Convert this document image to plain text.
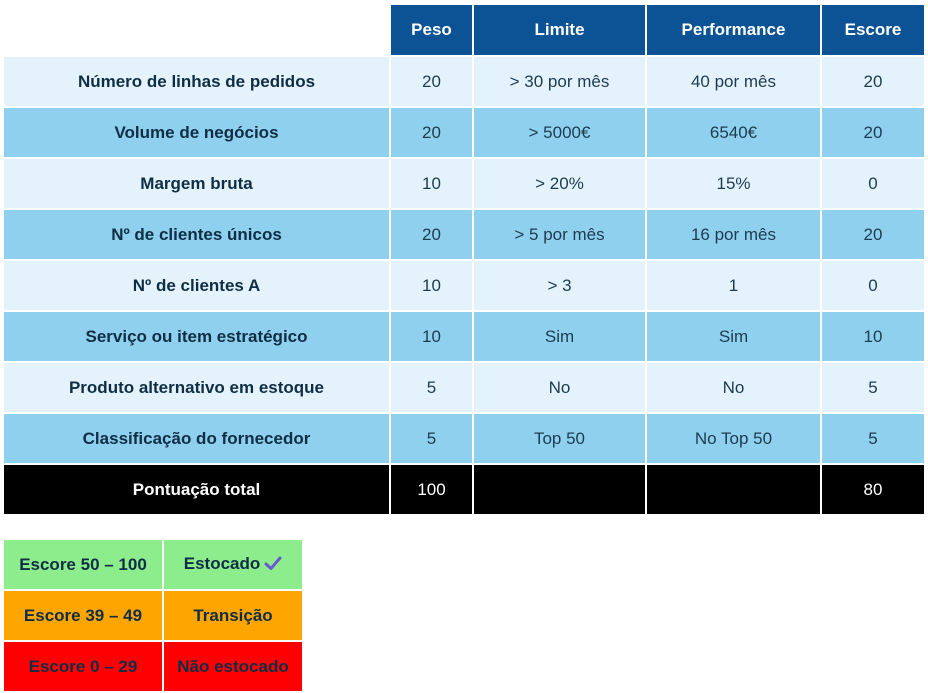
	Peso	Limite	Performance	Escore
Número de linhas de pedidos	20	> 30 por mês	40 por mês	20
Volume de negócios	20	> 5000€	6540€	20
Margem bruta	10	> 20%	15%	0
Nº de clientes únicos	20	> 5 por mês	16 por mês	20
Nº de clientes A	10	> 3	1	0
Serviço ou item estratégico	10	Sim	Sim	10
Produto alternativo em estoque	5	No	No	5
Classificação do fornecedor	5	Top 50	No Top 50	5
Pontuação total	100			80
Escore 50 – 100	Estocado
Escore 39 – 49	Transição
Escore 0 – 29	Não estocado
